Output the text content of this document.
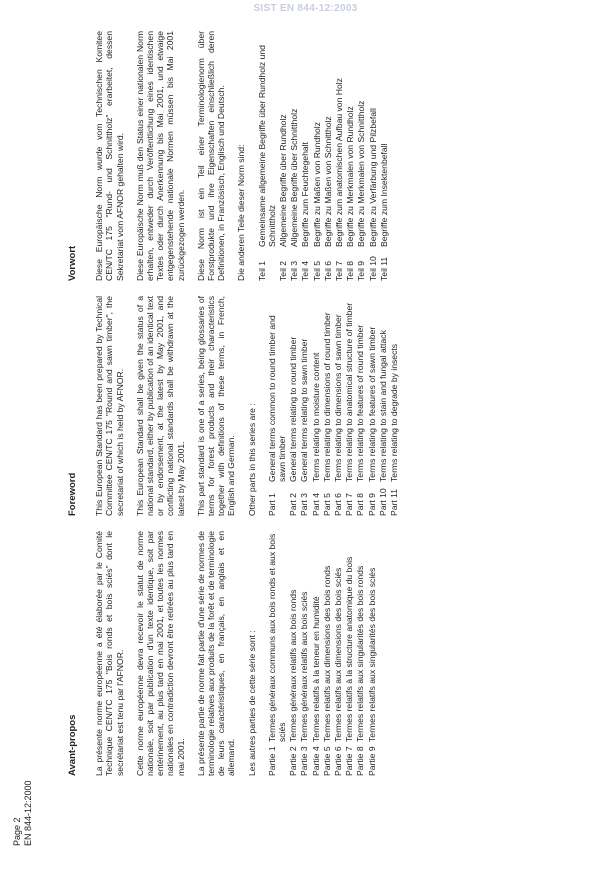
SIST EN 844-12:2003
Page 2 EN 844-12:2000
Avant-propos La présente norme européenne a été élaborée par le Comité Technique CEN/TC 175 "Bois ronds et bois sciés" dont le secrétariat est tenu par l'AFNOR. Cette norme européenne devra recevoir le statut de norme nationale, soit par publication d'un texte identique, soit par entérinement, au plus tard en mai 2001, et toutes les normes nationales en contradiction devront être retirées au plus tard en mai 2001. La présente partie de norme fait partie d'une série de normes de terminologie relatives aux produits de la forêt et de terminologie de leurs caractéristiques, en français, en anglais et en allemand. Les autres parties de cette série sont : Partie 1
Termes généraux communs aux bois ronds et aux bois sciés
Partie 2
Termes généraux relatifs aux bois ronds
Partie 3
Termes généraux relatifs aux bois sciés
Partie 4
Termes relatifs à la teneur en humidité
Partie 5
Termes relatifs aux dimensions des bois ronds
Partie 6
Termes relatifs aux dimensions des bois sciés
Partie 7
Termes relatifs à la structure anatomique du bois
Partie 8
Termes relatifs aux singularités des bois ronds
Partie 9
Termes relatifs aux singularités des bois sciés
Foreword This European Standard has been prepared by Technical Committee CEN/TC 175 "Round and sawn timber", the secretariat of which is held by AFNOR. This European Standard shall be given the status of a national standard, either by publication of an identical text or by endorsement, at the latest by May 2001, and conflicting national standards shall be withdrawn at the latest by May 2001. This part standard is one of a series, being glossaries of terms for forest products and their characteristics together with definitions of these terms, in French, English and German. Other parts in this series are : Part 1
General terms common to round timber and sawn timber
Part 2
General terms relating to round timber
Part 3
General terms relating to sawn timber
Part 4
Terms relating to moisture content
Part 5
Terms relating to dimensions of round timber
Part 6
Terms relating to dimensions of sawn timber
Part 7
Terms relating to anatomical structure of timber
Part 8
Terms relating to features of round timber
Part 9
Terms relating to features of sawn timber
Part 10
Terms relating to stain and fungal attack
Part 11
Terms relating to degrade by insects
Vorwort Diese Europäische Norm wurde vom Technischen Komitee CEN/TC 175 "Rund- und Schnittholz" erarbeitet, dessen Sekretariat vom AFNOR gehalten wird. Diese Europäische Norm muß den Status einer nationalen Norm erhalten, entweder durch Veröffentlichung eines identischen Textes oder durch Anerkennung bis Mai 2001, und etwaige entgegenstehende nationale Normen müssen bis Mai 2001 zurückgezogen werden. Diese Norm ist ein Teil einer Terminologienorm über Forstprodukte und ihre Eigenschaften einschließlich deren Definitionen, in Französisch, Englisch und Deutsch. Die anderen Teile dieser Norm sind: Teil 1
Gemeinsame allgemeine Begriffe über Rundholz und Schnittholz
Teil 2
Allgemeine Begriffe über Rundholz
Teil 3
Allgemeine Begriffe über Schnittholz
Teil 4
Begriffe zum Feuchtegehalt
Teil 5
Begriffe zu Maßen von Rundholz
Teil 6
Begriffe zu Maßen von Schnittholz
Teil 7
Begriffe zum anatomischen Aufbau von Holz
Teil 8
Begriffe zu Merkmalen von Rundholz
Teil 9
Begriffe zu Merkmalen von Schnittholz
Teil 10
Begriffe zu Verfärbung und Pilzbefall
Teil 11
Begriffe zum Insektenbefall
